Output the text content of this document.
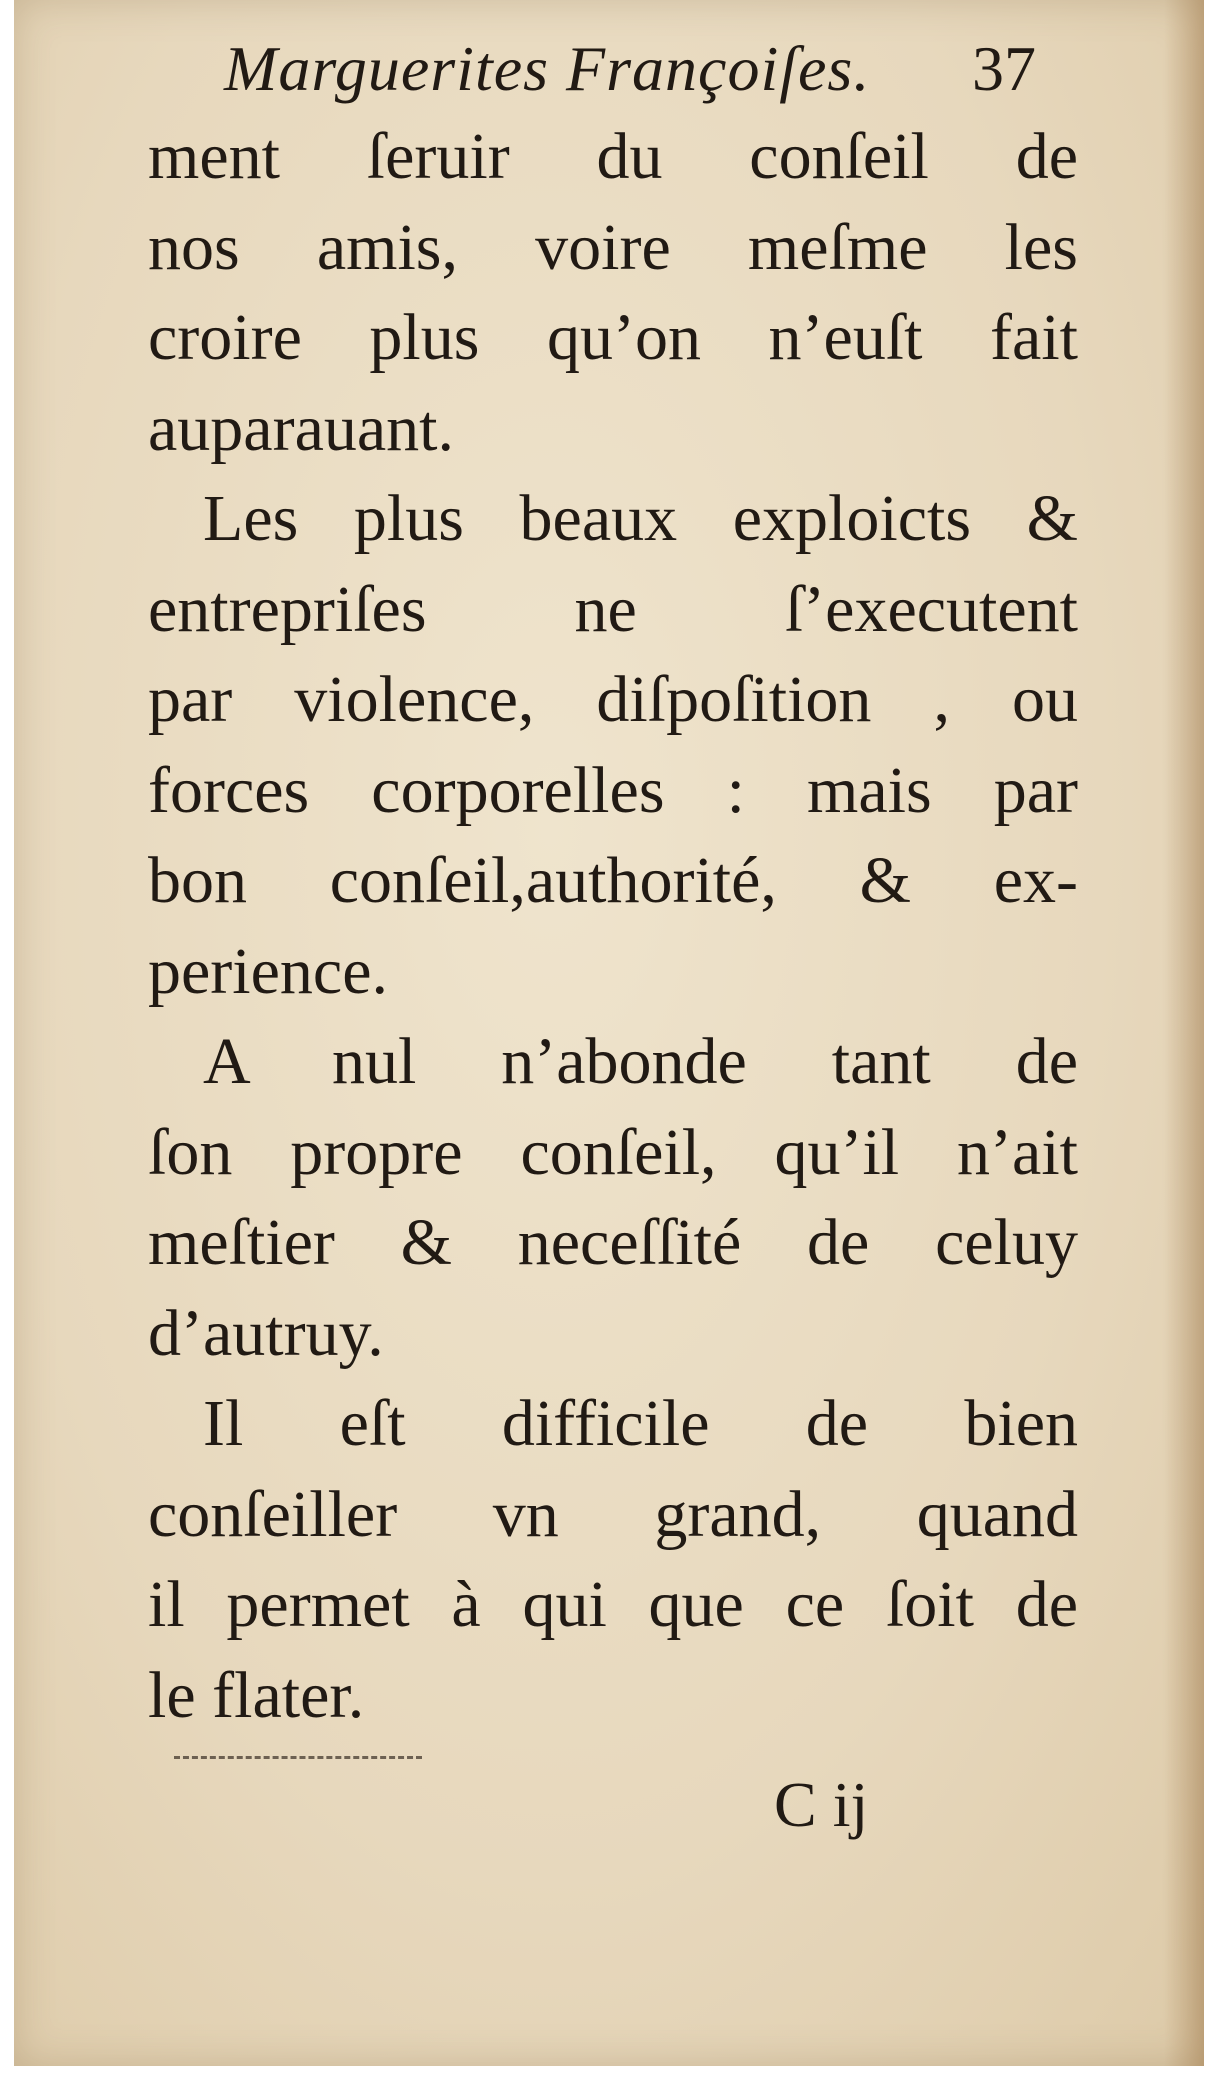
Marguerites Françoiſes.	37
ment ſeruir du conſeil de
nos amis, voire meſme les
croire plus qu’on n’euſt fait
auparauant.
Les plus beaux exploicts &
entrepriſes ne ſ’executent
par violence, diſpoſition , ou
forces corporelles : mais par
bon conſeil,authorité, & ex-
perience.
A nul n’abonde tant de
ſon propre conſeil, qu’il n’ait
meſtier & neceſſité de celuy
d’autruy.
Il eſt difficile de bien
conſeiller vn grand, quand
il permet à qui que ce ſoit de
le flater.
C ij
